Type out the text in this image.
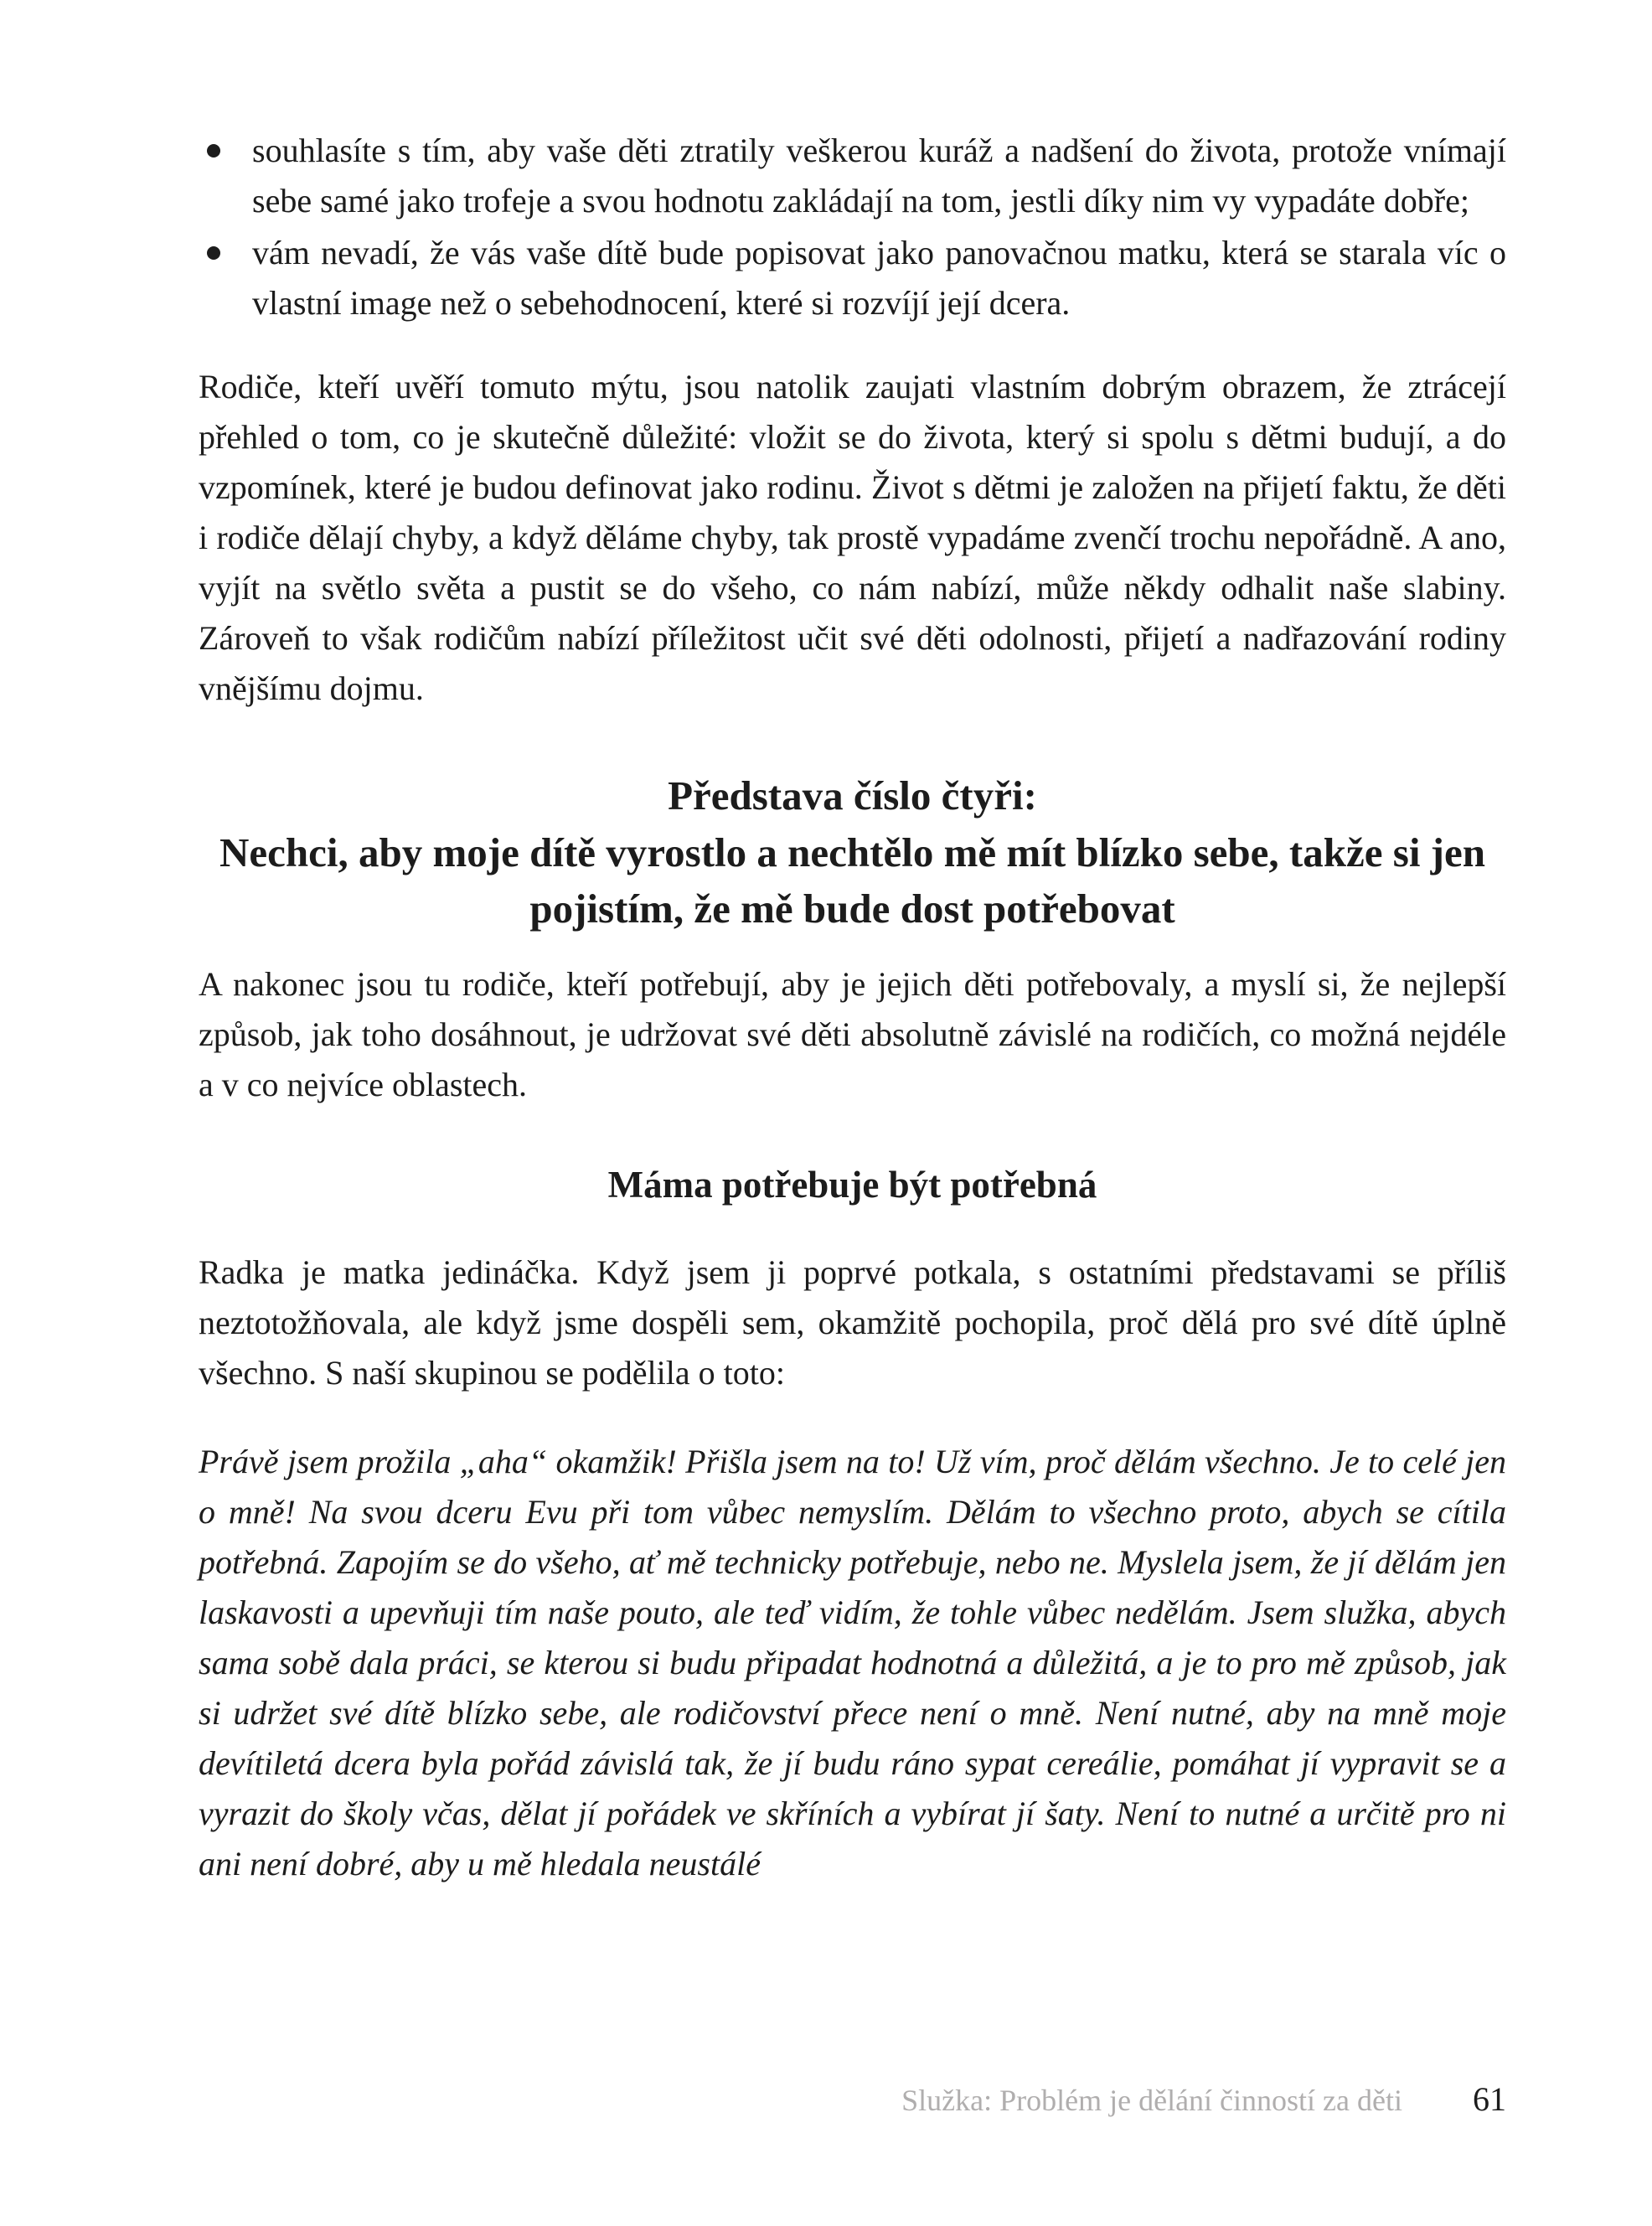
souhlasíte s tím, aby vaše děti ztratily veškerou kuráž a nadšení do života, protože vnímají sebe samé jako trofeje a svou hodnotu zakládají na tom, jestli díky nim vy vypadáte dobře;
vám nevadí, že vás vaše dítě bude popisovat jako panovačnou matku, která se starala víc o vlastní image než o sebehodnocení, které si rozvíjí její dcera.

Rodiče, kteří uvěří tomuto mýtu, jsou natolik zaujati vlastním dobrým obrazem, že ztrácejí přehled o tom, co je skutečně důležité: vložit se do života, který si spolu s dětmi budují, a do vzpomínek, které je budou definovat jako rodinu. Život s dětmi je založen na přijetí faktu, že děti i rodiče dělají chyby, a když děláme chyby, tak prostě vypadáme zvenčí trochu nepořádně. A ano, vyjít na světlo světa a pustit se do všeho, co nám nabízí, může někdy odhalit naše slabiny. Zároveň to však rodičům nabízí příležitost učit své děti odolnosti, přijetí a nadřazování rodiny vnějšímu dojmu.

Představa číslo čtyři:
Nechci, aby moje dítě vyrostlo a nechtělo mě mít blízko sebe, takže si jen pojistím, že mě bude dost potřebovat

A nakonec jsou tu rodiče, kteří potřebují, aby je jejich děti potřebovaly, a myslí si, že nejlepší způsob, jak toho dosáhnout, je udržovat své děti absolutně závislé na rodičích, co možná nejdéle a v co nejvíce oblastech.

Máma potřebuje být potřebná

Radka je matka jedináčka. Když jsem ji poprvé potkala, s ostatními představami se příliš neztotožňovala, ale když jsme dospěli sem, okamžitě pochopila, proč dělá pro své dítě úplně všechno. S naší skupinou se podělila o toto:

Právě jsem prožila „aha“ okamžik! Přišla jsem na to! Už vím, proč dělám všechno. Je to celé jen o mně! Na svou dceru Evu při tom vůbec nemyslím. Dělám to všechno proto, abych se cítila potřebná. Zapojím se do všeho, ať mě technicky potřebuje, nebo ne. Myslela jsem, že jí dělám jen laskavosti a upevňuji tím naše pouto, ale teď vidím, že tohle vůbec nedělám. Jsem služka, abych sama sobě dala práci, se kterou si budu připadat hodnotná a důležitá, a je to pro mě způsob, jak si udržet své dítě blízko sebe, ale rodičovství přece není o mně. Není nutné, aby na mně moje devítiletá dcera byla pořád závislá tak, že jí budu ráno sypat cereálie, pomáhat jí vypravit se a vyrazit do školy včas, dělat jí pořádek ve skříních a vybírat jí šaty. Není to nutné a určitě pro ni ani není dobré, aby u mě hledala neustálé

Služka: Problém je dělání činností za děti 61
